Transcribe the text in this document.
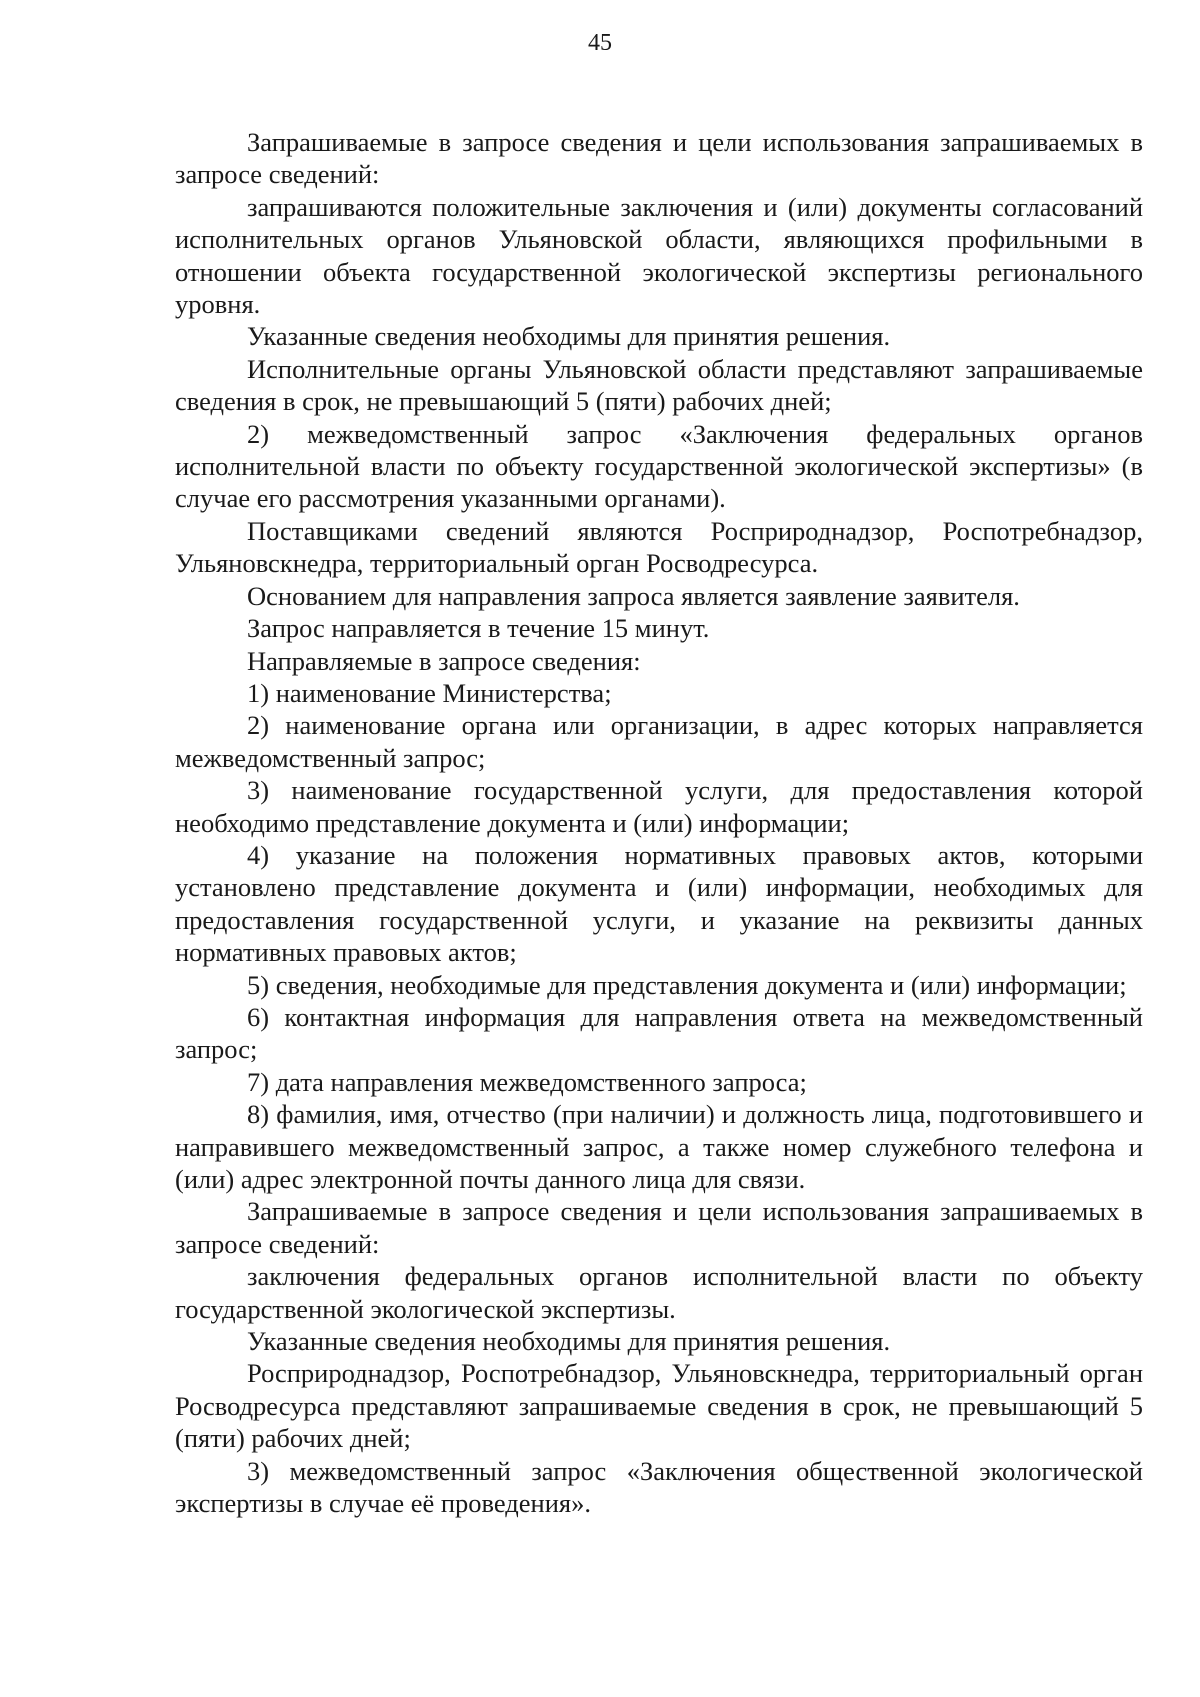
45

Запрашиваемые в запросе сведения и цели использования запрашиваемых в запросе сведений:

запрашиваются положительные заключения и (или) документы согласований исполнительных органов Ульяновской области, являющихся профильными в отношении объекта государственной экологической экспертизы регионального уровня.

Указанные сведения необходимы для принятия решения.

Исполнительные органы Ульяновской области представляют запрашиваемые сведения в срок, не превышающий 5 (пяти) рабочих дней;

2) межведомственный запрос «Заключения федеральных органов исполнительной власти по объекту государственной экологической экспертизы» (в случае его рассмотрения указанными органами).

Поставщиками сведений являются Росприроднадзор, Роспотребнадзор, Ульяновскнедра, территориальный орган Росводресурса.

Основанием для направления запроса является заявление заявителя.

Запрос направляется в течение 15 минут.

Направляемые в запросе сведения:

1) наименование Министерства;

2) наименование органа или организации, в адрес которых направляется межведомственный запрос;

3) наименование государственной услуги, для предоставления которой необходимо представление документа и (или) информации;

4) указание на положения нормативных правовых актов, которыми установлено представление документа и (или) информации, необходимых для предоставления государственной услуги, и указание на реквизиты данных нормативных правовых актов;

5) сведения, необходимые для представления документа и (или) информации;

6) контактная информация для направления ответа на межведомственный запрос;

7) дата направления межведомственного запроса;

8) фамилия, имя, отчество (при наличии) и должность лица, подготовившего и направившего межведомственный запрос, а также номер служебного телефона и (или) адрес электронной почты данного лица для связи.

Запрашиваемые в запросе сведения и цели использования запрашиваемых в запросе сведений:

заключения федеральных органов исполнительной власти по объекту государственной экологической экспертизы.

Указанные сведения необходимы для принятия решения.

Росприроднадзор, Роспотребнадзор, Ульяновскнедра, территориальный орган Росводресурса представляют запрашиваемые сведения в срок, не превышающий 5 (пяти) рабочих дней;

3) межведомственный запрос «Заключения общественной экологической экспертизы в случае её проведения».
